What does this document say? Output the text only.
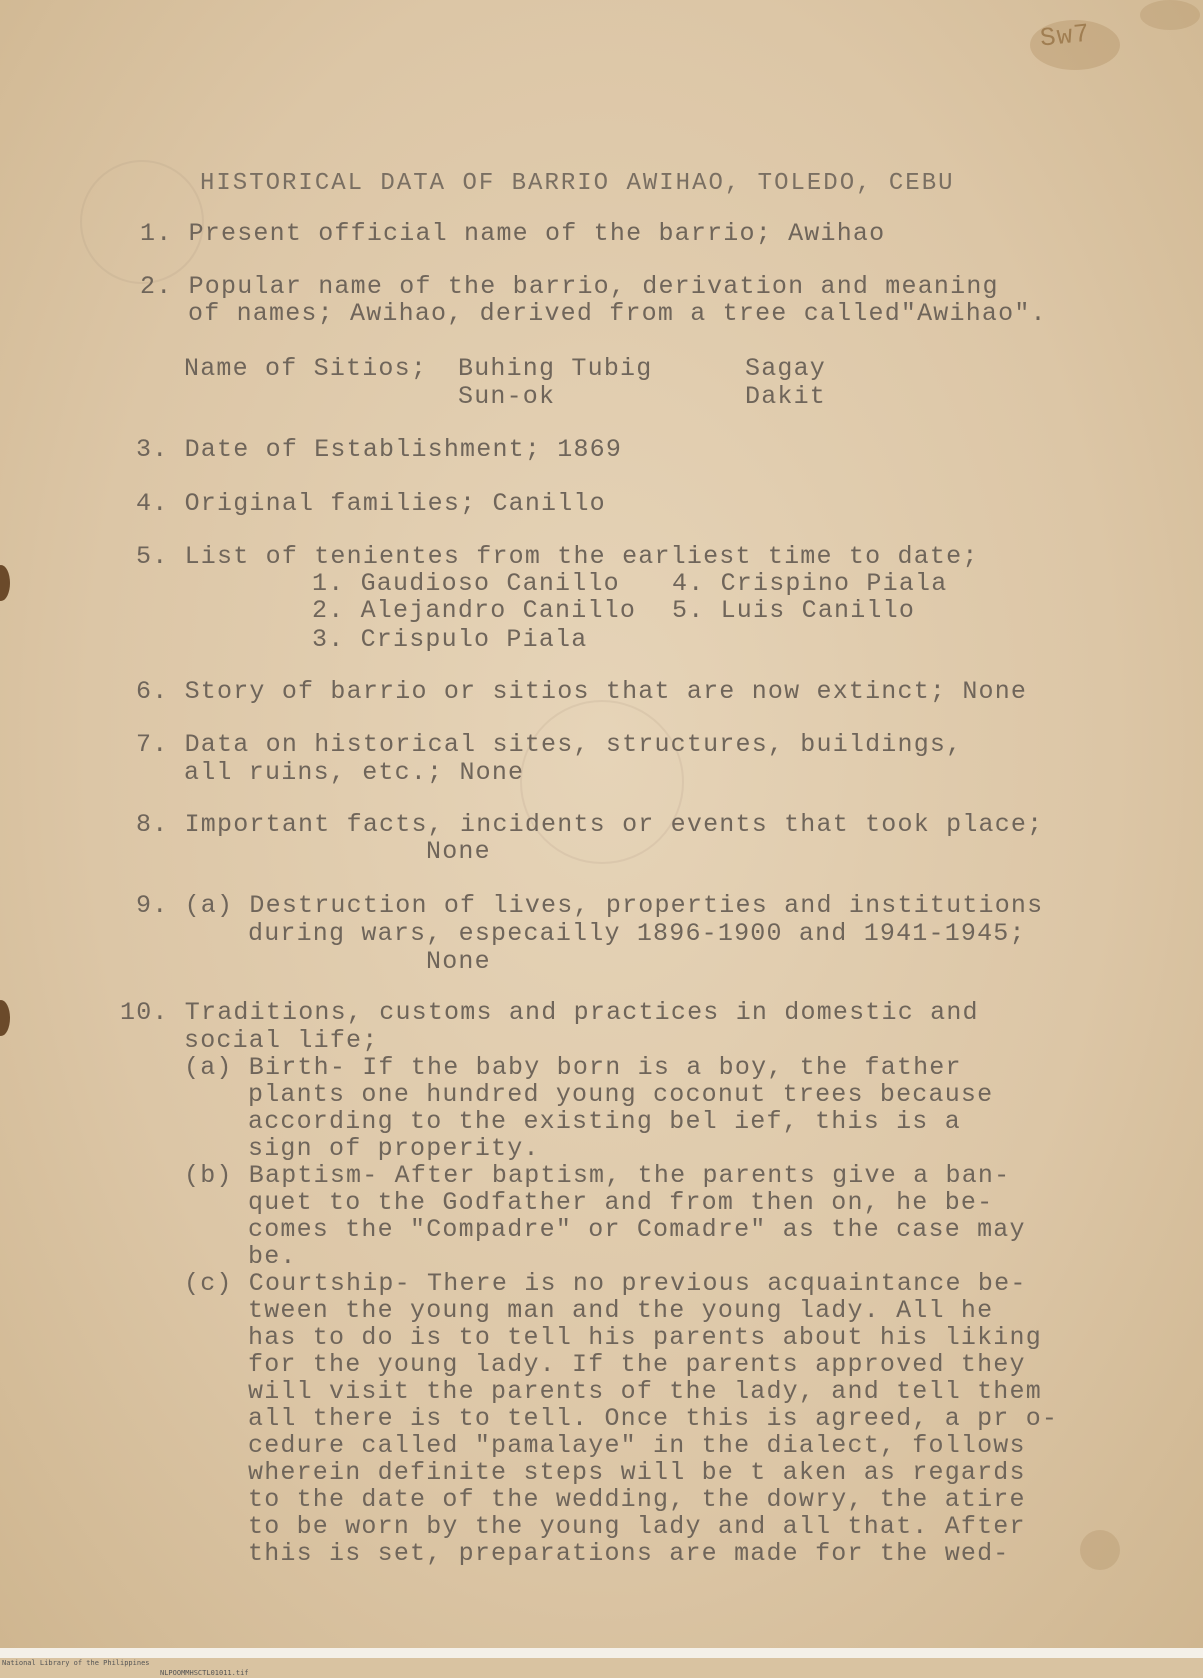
Sw7
HISTORICAL DATA OF BARRIO AWIHAO, TOLEDO, CEBU
1. Present official name of the barrio; Awihao
2. Popular name of the barrio, derivation and meaning
of names; Awihao, derived from a tree called"Awihao".
Name of Sitios; Buhing Tubig
Sun-ok
Sagay
Dakit
3. Date of Establishment; 1869
4. Original families; Canillo
5. List of tenientes from the earliest time to date;
1. Gaudioso Canillo
2. Alejandro Canillo
3. Crispulo Piala
4. Crispino Piala
5. Luis Canillo
6. Story of barrio or sitios that are now extinct; None
7. Data on historical sites, structures, buildings,
all ruins, etc.; None
8. Important facts, incidents or events that took place;
None
9. (a) Destruction of lives, properties and institutions
during wars, especailly 1896-1900 and 1941-1945;
None
10. Traditions, customs and practices in domestic and
social life;
(a) Birth- If the baby born is a boy, the father
plants one hundred young coconut trees because
according to the existing bel ief, this is a
sign of properity.
(b) Baptism- After baptism, the parents give a ban-
quet to the Godfather and from then on, he be-
comes the "Compadre" or Comadre" as the case may
be.
(c) Courtship- There is no previous acquaintance be-
tween the young man and the young lady. All he
has to do is to tell his parents about his liking
for the young lady. If the parents approved they
will visit the parents of the lady, and tell them
all there is to tell. Once this is agreed, a pr o-
cedure called "pamalaye" in the dialect, follows
wherein definite steps will be t aken as regards
to the date of the wedding, the dowry, the atire
to be worn by the young lady and all that. After
this is set, preparations are made for the wed-

National Library of the Philippines

NLPOOMMHSCTL01011.tif
